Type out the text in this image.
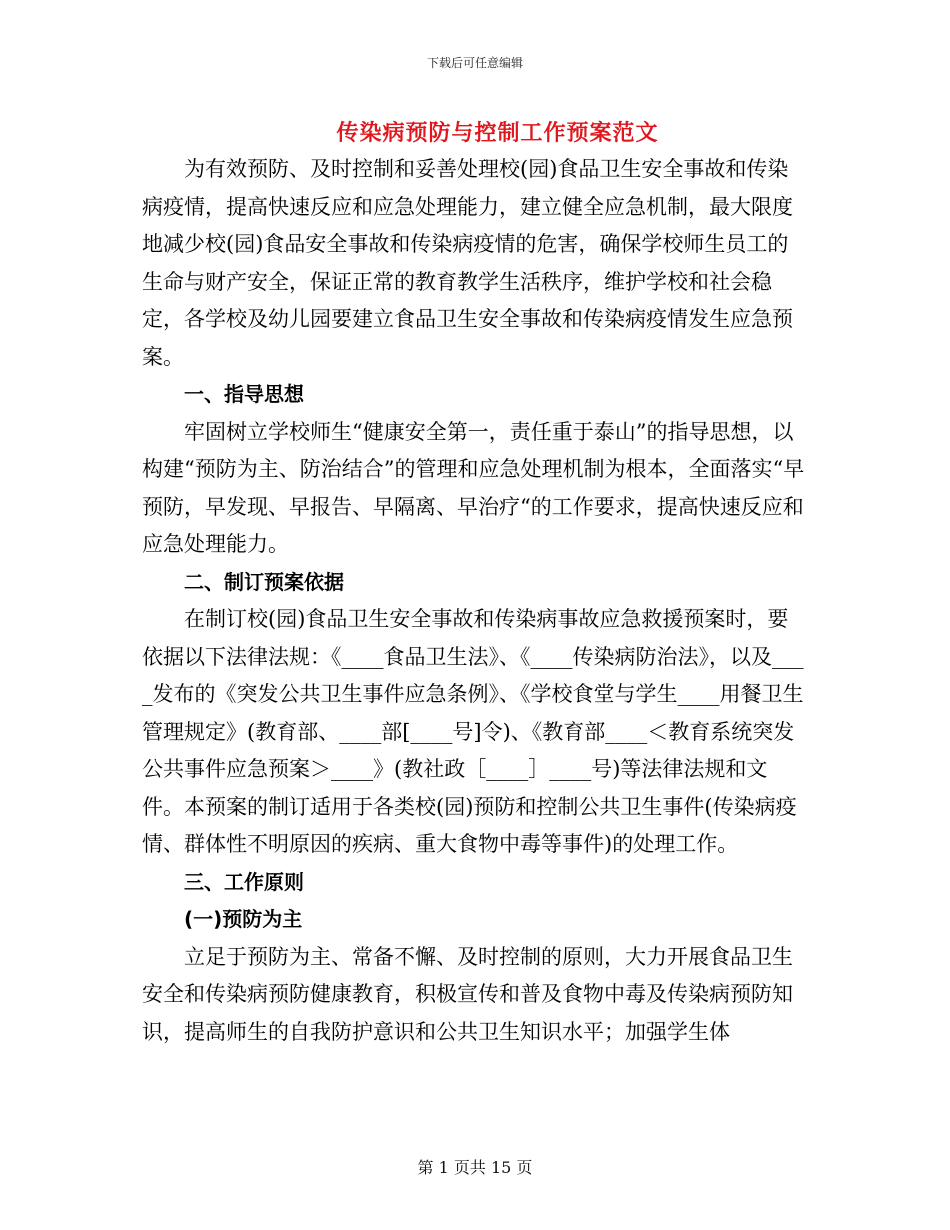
下载后可任意编辑
传染病预防与控制工作预案范文

为有效预防、及时控制和妥善处理校(园)食品卫生安全事故和传染病疫情，提高快速反应和应急处理能力，建立健全应急机制，最大限度地减少校(园)食品安全事故和传染病疫情的危害，确保学校师生员工的生命与财产安全，保证正常的教育教学生活秩序，维护学校和社会稳定，各学校及幼儿园要建立食品卫生安全事故和传染病疫情发生应急预案。

一、指导思想

牢固树立学校师生“健康安全第一，责任重于泰山”的指导思想，以构建“预防为主、防治结合”的管理和应急处理机制为根本，全面落实“早预防，早发现、早报告、早隔离、早治疗“的工作要求，提高快速反应和应急处理能力。

二、制订预案依据

在制订校(园)食品卫生安全事故和传染病事故应急救援预案时，要依据以下法律法规：《____食品卫生法》、《____传染病防治法》，以及____发布的《突发公共卫生事件应急条例》、《学校食堂与学生____用餐卫生管理规定》(教育部、____部[____号]令)、《教育部____＜教育系统突发公共事件应急预案＞____》(教社政［____］____号)等法律法规和文件。本预案的制订适用于各类校(园)预防和控制公共卫生事件(传染病疫情、群体性不明原因的疾病、重大食物中毒等事件)的处理工作。

三、工作原则

(一)预防为主

立足于预防为主、常备不懈、及时控制的原则，大力开展食品卫生安全和传染病预防健康教育，积极宣传和普及食物中毒及传染病预防知识，提高师生的自我防护意识和公共卫生知识水平；加强学生体

第 1 页共 15 页
